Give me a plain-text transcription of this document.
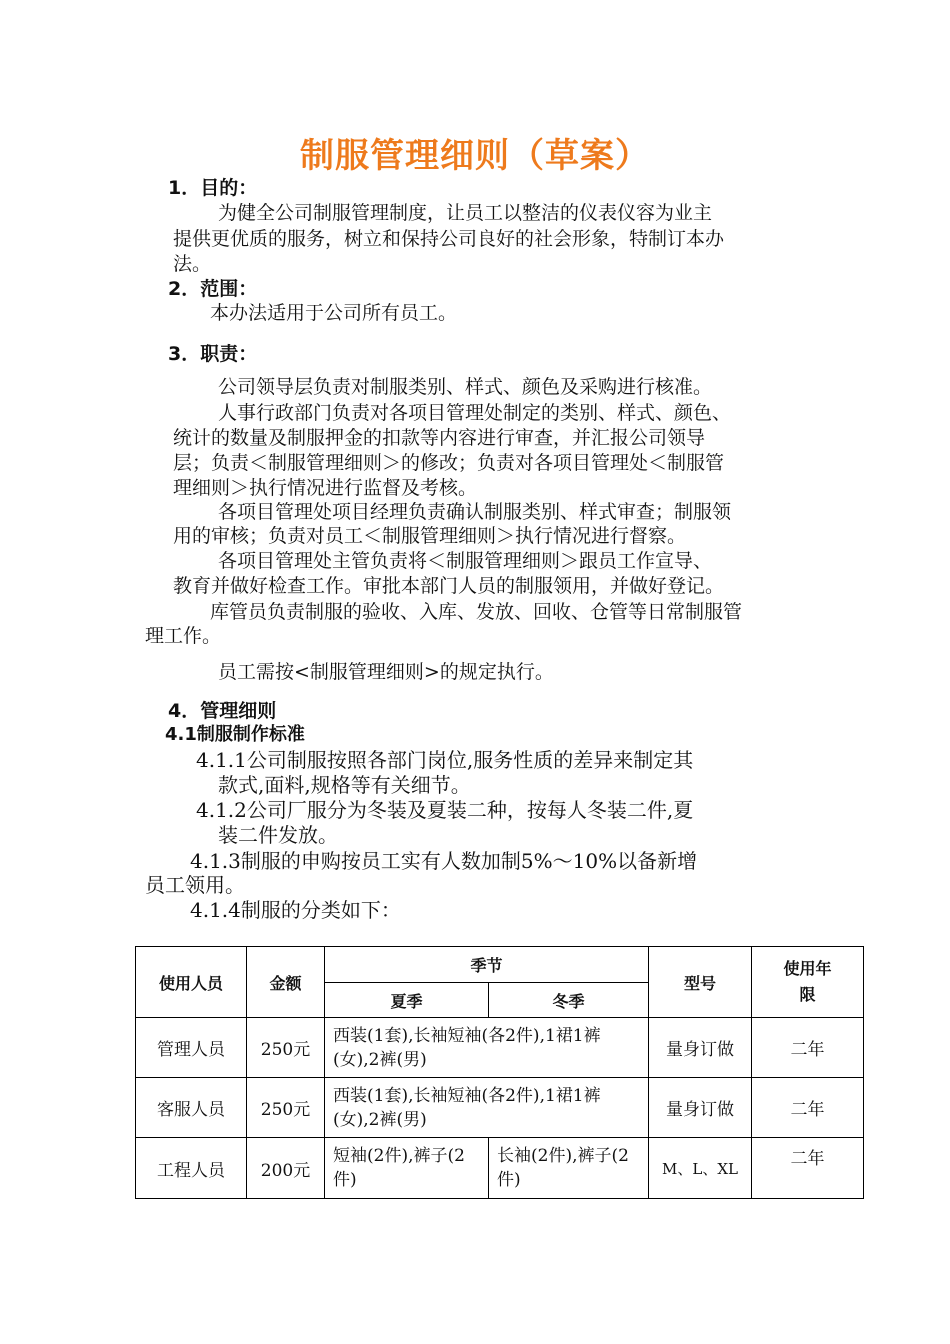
制服管理细则（草案）
1．目的：
为健全公司制服管理制度，让员工以整洁的仪表仪容为业主
提供更优质的服务，树立和保持公司良好的社会形象，特制订本办
法。
2．范围：
本办法适用于公司所有员工。
3．职责：
公司领导层负责对制服类别、样式、颜色及采购进行核准。
人事行政部门负责对各项目管理处制定的类别、样式、颜色、
统计的数量及制服押金的扣款等内容进行审查，并汇报公司领导
层；负责＜制服管理细则＞的修改；负责对各项目管理处＜制服管
理细则＞执行情况进行监督及考核。
各项目管理处项目经理负责确认制服类别、样式审查；制服领
用的审核；负责对员工＜制服管理细则＞执行情况进行督察。
各项目管理处主管负责将＜制服管理细则＞跟员工作宣导、
教育并做好检查工作。审批本部门人员的制服领用，并做好登记。
库管员负责制服的验收、入库、发放、回收、仓管等日常制服管
理工作。
员工需按<制服管理细则>的规定执行。
4．管理细则
4.1制服制作标准
4.1.1公司制服按照各部门岗位,服务性质的差异来制定其
款式,面料,规格等有关细节。
4.1.2公司厂服分为冬装及夏装二种，按每人冬装二件,夏
装二件发放。
4.1.3制服的申购按员工实有人数加制5%～10%以备新增
员工领用。
4.1.4制服的分类如下：
使用人员	金额	季节		型号	使用年限
		夏季	冬季		
管理人员	250元	西装(1套),长袖短袖(各2件),1裙1裤(女),2裤(男)		量身订做	二年
客服人员	250元	西装(1套),长袖短袖(各2件),1裙1裤(女),2裤(男)		量身订做	二年
工程人员	200元	短袖(2件),裤子(2件)	长袖(2件),裤子(2件)	M、L、XL	二年
